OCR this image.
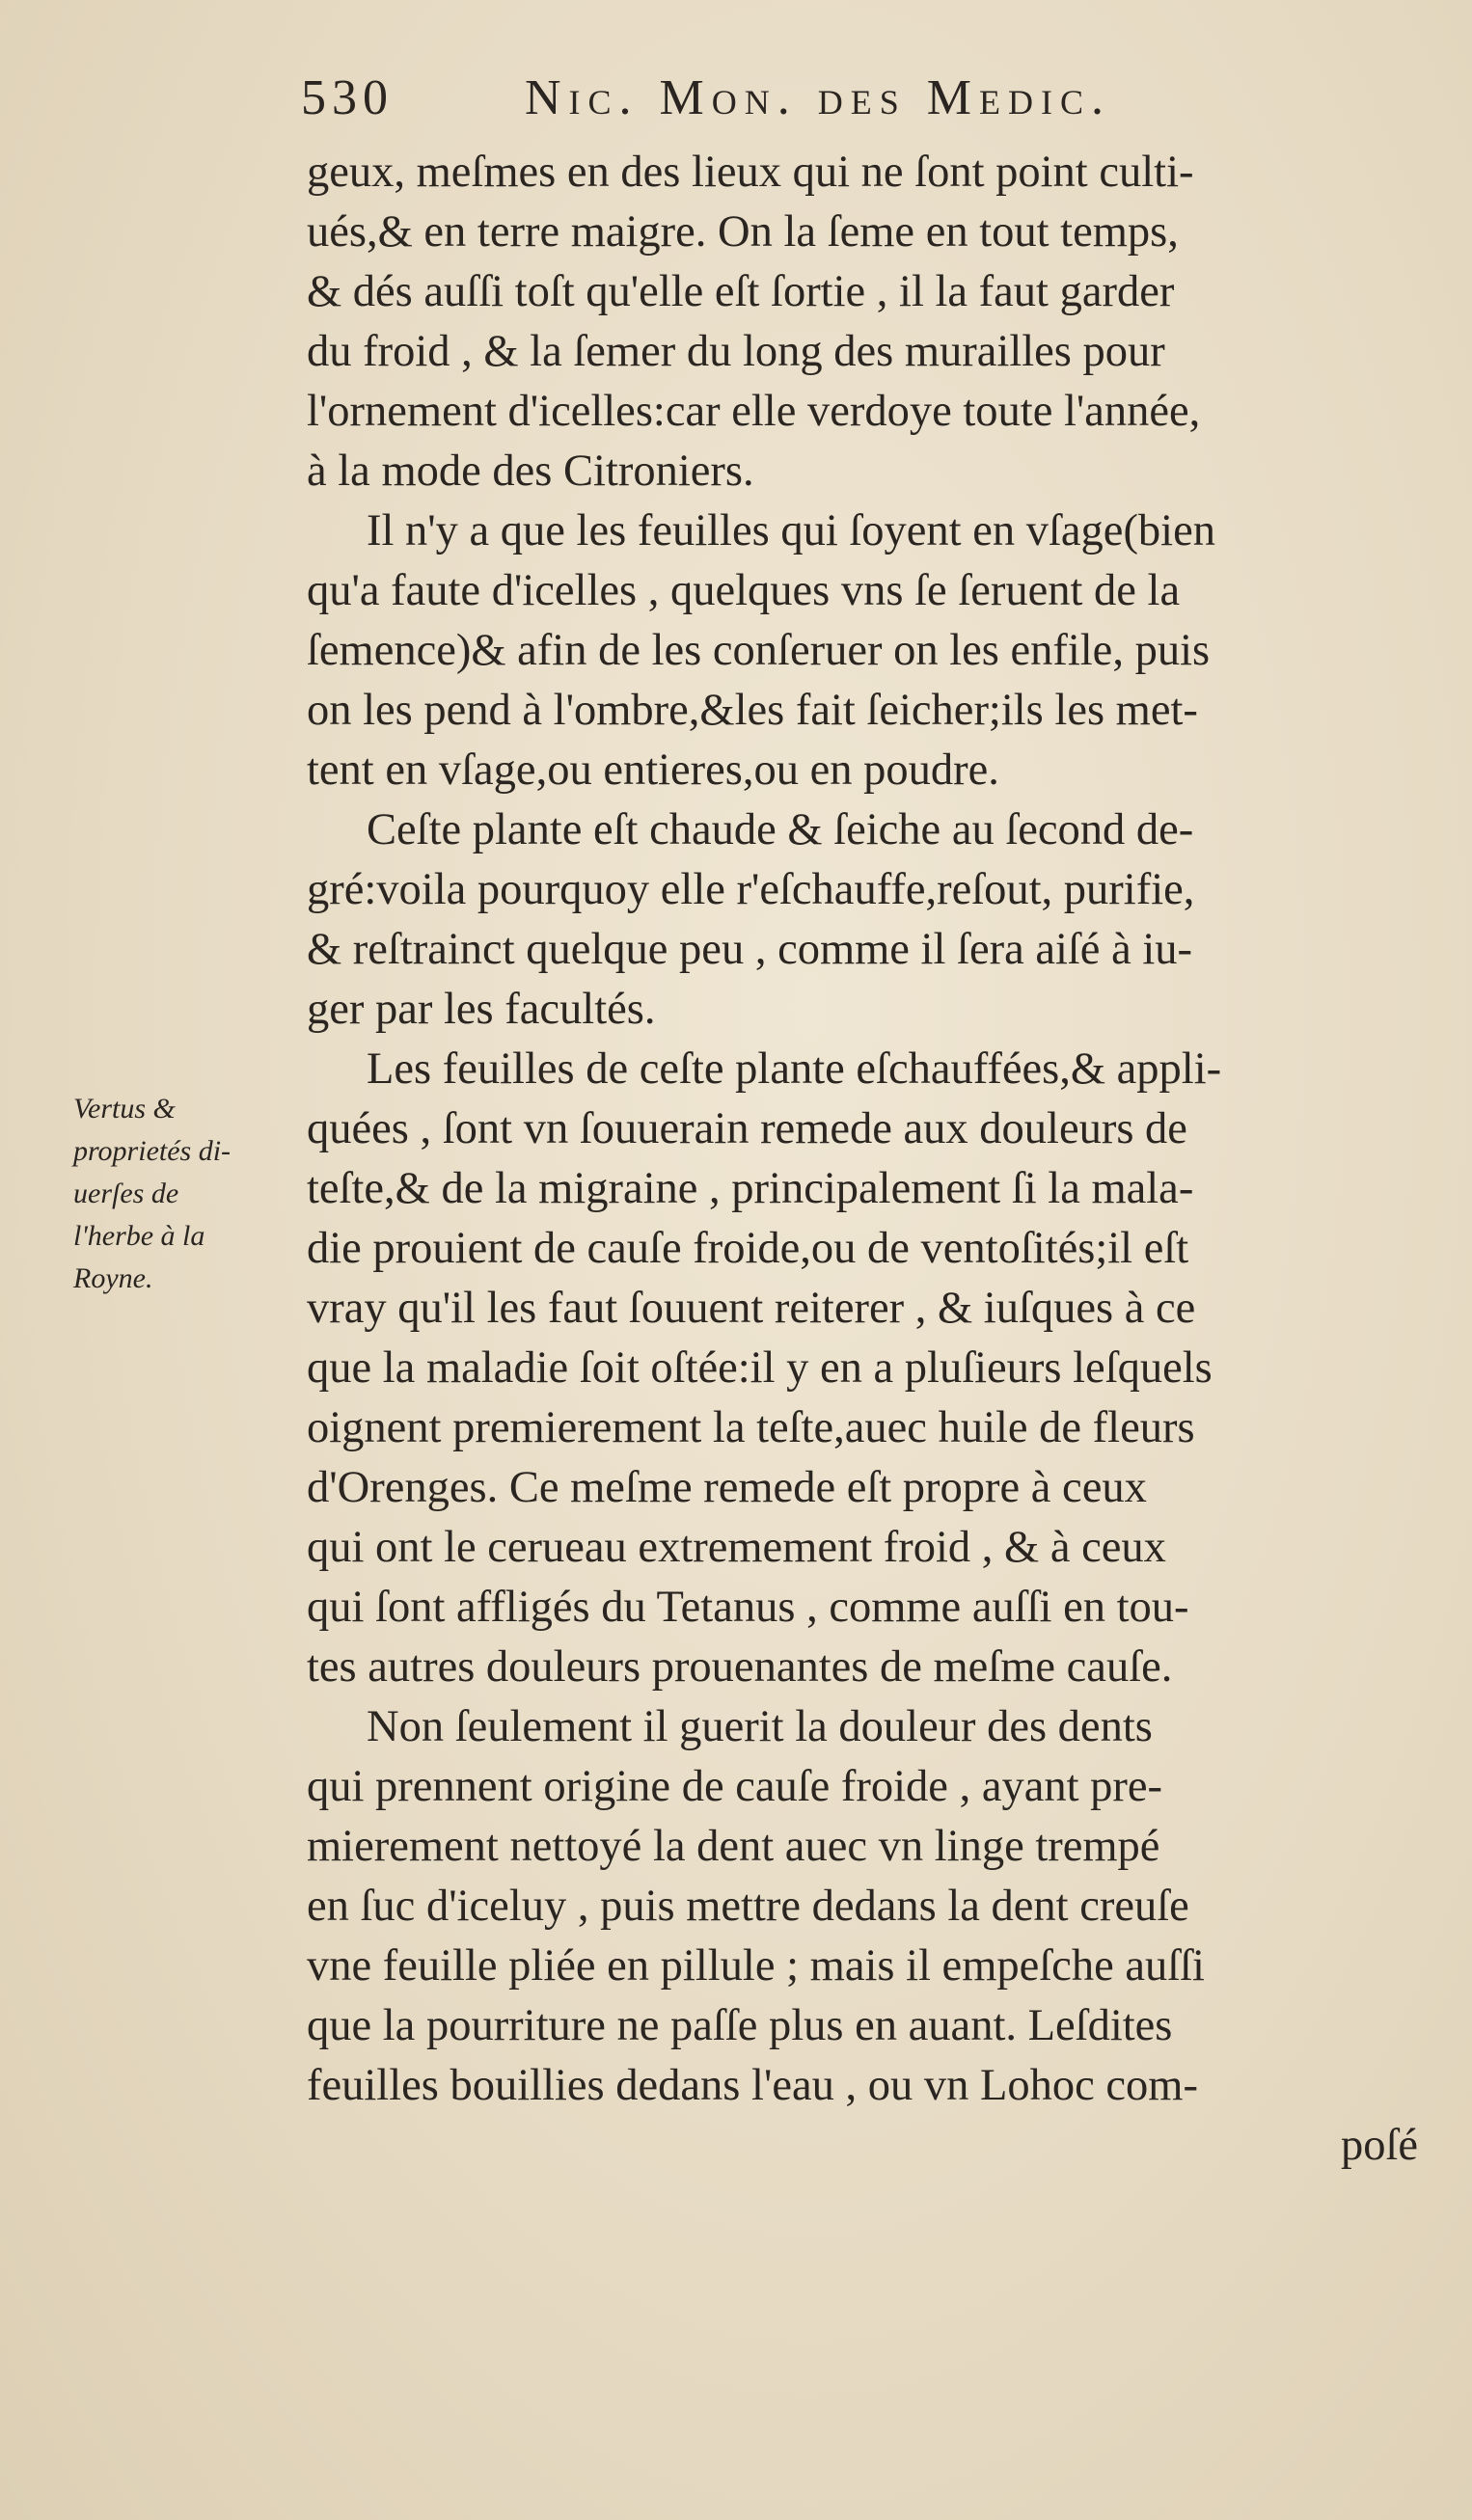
530	Nic. Mon. des Medic.
Vertus &
proprietés di-
uerſes de
l'herbe à la
Royne.
geux, meſmes en des lieux qui ne ſont point culti-
ués,& en terre maigre. On la ſeme en tout temps,
& dés auſſi toſt qu'elle eſt ſortie , il la faut garder
du froid , & la ſemer du long des murailles pour
l'ornement d'icelles:car elle verdoye toute l'année,
à la mode des Citroniers.
Il n'y a que les feuilles qui ſoyent en vſage(bien
qu'a faute d'icelles , quelques vns ſe ſeruent de la
ſemence)& afin de les conſeruer on les enfile, puis
on les pend à l'ombre,&les fait ſeicher;ils les met-
tent en vſage,ou entieres,ou en poudre.
Ceſte plante eſt chaude & ſeiche au ſecond de-
gré:voila pourquoy elle r'eſchauffe,reſout, purifie,
& reſtrainct quelque peu , comme il ſera aiſé à iu-
ger par les facultés.
Les feuilles de ceſte plante eſchauffées,& appli-
quées , ſont vn ſouuerain remede aux douleurs de
teſte,& de la migraine , principalement ſi la mala-
die prouient de cauſe froide,ou de ventoſités;il eſt
vray qu'il les faut ſouuent reiterer , & iuſques à ce
que la maladie ſoit oſtée:il y en a pluſieurs leſquels
oignent premierement la teſte,auec huile de fleurs
d'Orenges. Ce meſme remede eſt propre à ceux
qui ont le cerueau extremement froid , & à ceux
qui ſont affligés du Tetanus , comme auſſi en tou-
tes autres douleurs prouenantes de meſme cauſe.
Non ſeulement il guerit la douleur des dents
qui prennent origine de cauſe froide , ayant pre-
mierement nettoyé la dent auec vn linge trempé
en ſuc d'iceluy , puis mettre dedans la dent creuſe
vne feuille pliée en pillule ; mais il empeſche auſſi
que la pourriture ne paſſe plus en auant. Leſdites
feuilles bouillies dedans l'eau , ou vn Lohoc com-
poſé
